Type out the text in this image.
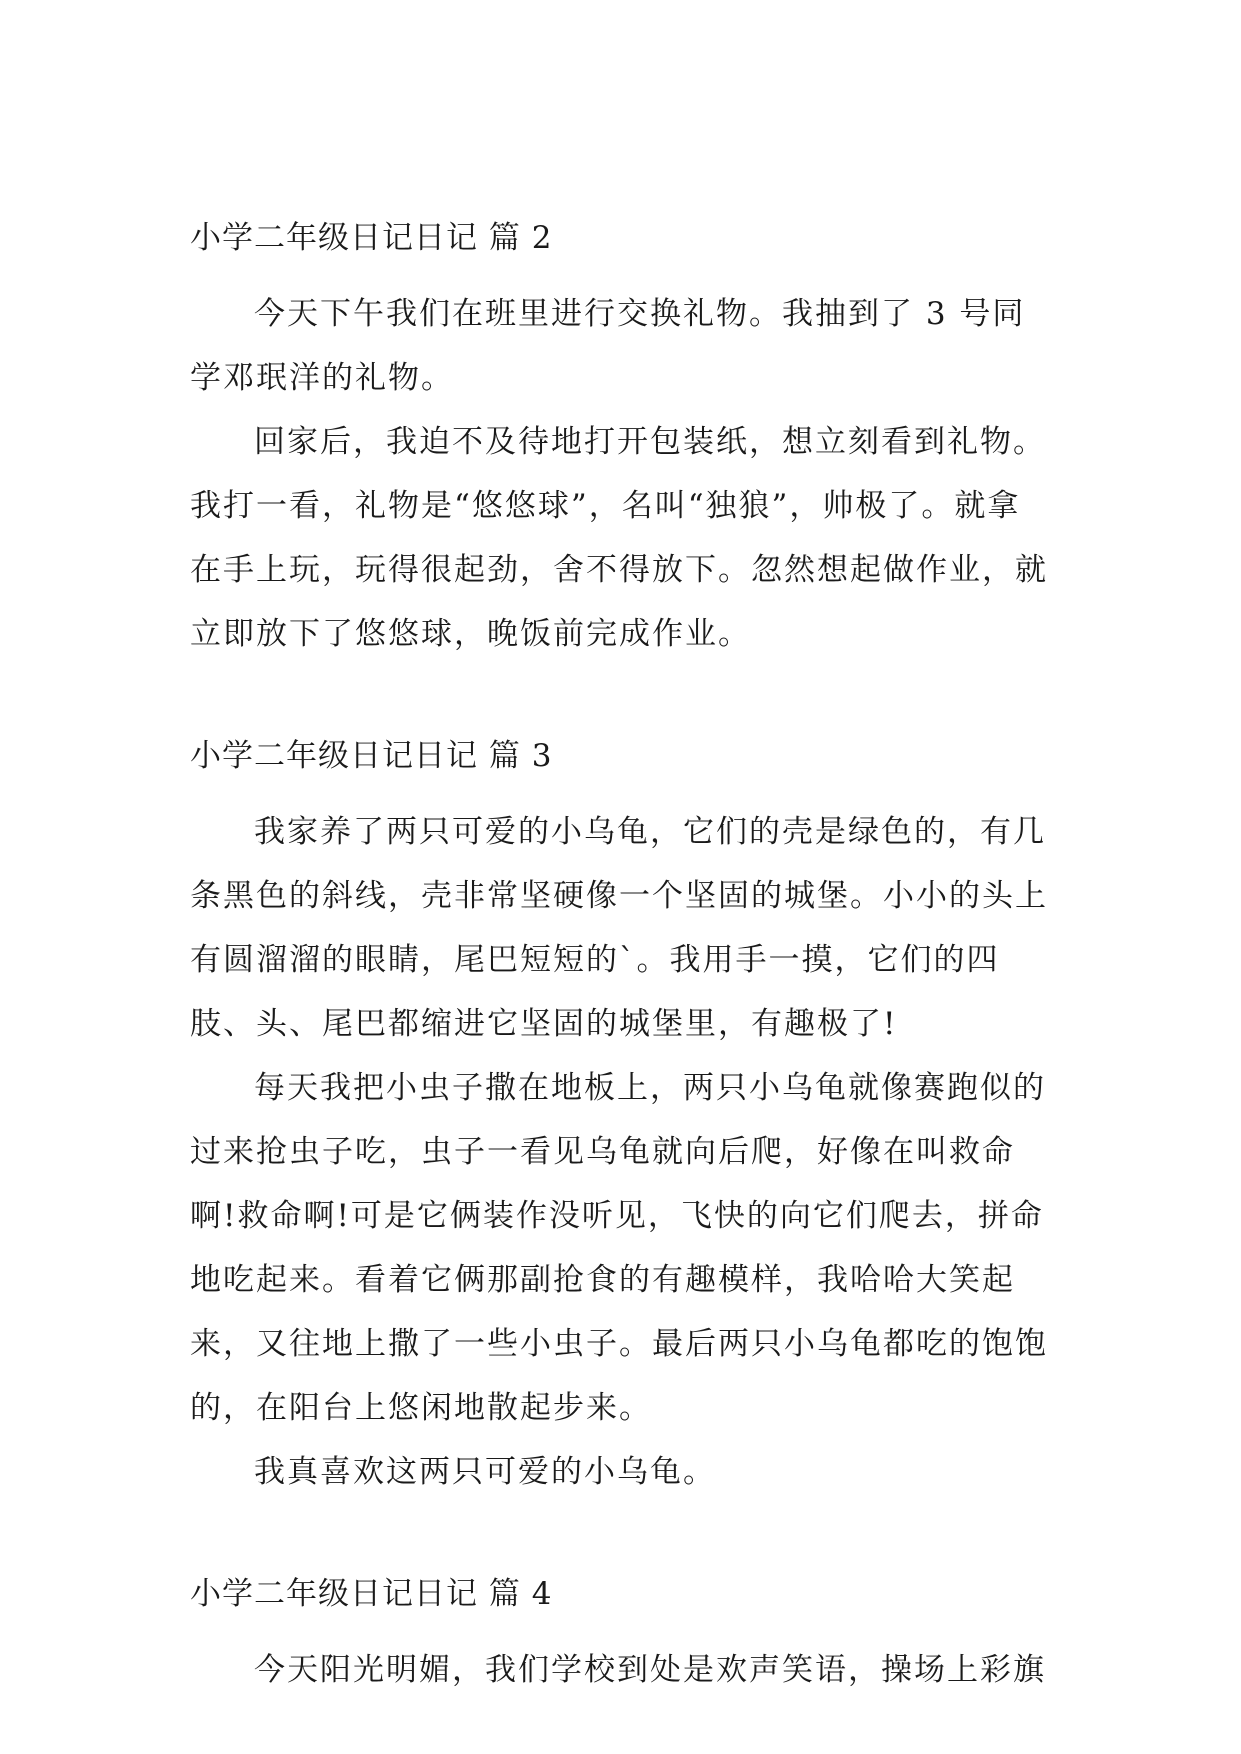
小学二年级日记日记 篇 2

今天下午我们在班里进行交换礼物。我抽到了 3 号同学邓珉洋的礼物。

回家后，我迫不及待地打开包装纸，想立刻看到礼物。我打一看，礼物是“悠悠球”，名叫“独狼”，帅极了。就拿在手上玩，玩得很起劲，舍不得放下。忽然想起做作业，就立即放下了悠悠球，晚饭前完成作业。

小学二年级日记日记 篇 3

我家养了两只可爱的小乌龟，它们的壳是绿色的，有几条黑色的斜线，壳非常坚硬像一个坚固的城堡。小小的头上有圆溜溜的眼睛，尾巴短短的`。我用手一摸，它们的四肢、头、尾巴都缩进它坚固的城堡里，有趣极了!

每天我把小虫子撒在地板上，两只小乌龟就像赛跑似的过来抢虫子吃，虫子一看见乌龟就向后爬，好像在叫救命啊!救命啊!可是它俩装作没听见，飞快的向它们爬去，拼命地吃起来。看着它俩那副抢食的有趣模样，我哈哈大笑起来，又往地上撒了一些小虫子。最后两只小乌龟都吃的饱饱的，在阳台上悠闲地散起步来。

我真喜欢这两只可爱的小乌龟。

小学二年级日记日记 篇 4

今天阳光明媚，我们学校到处是欢声笑语，操场上彩旗
